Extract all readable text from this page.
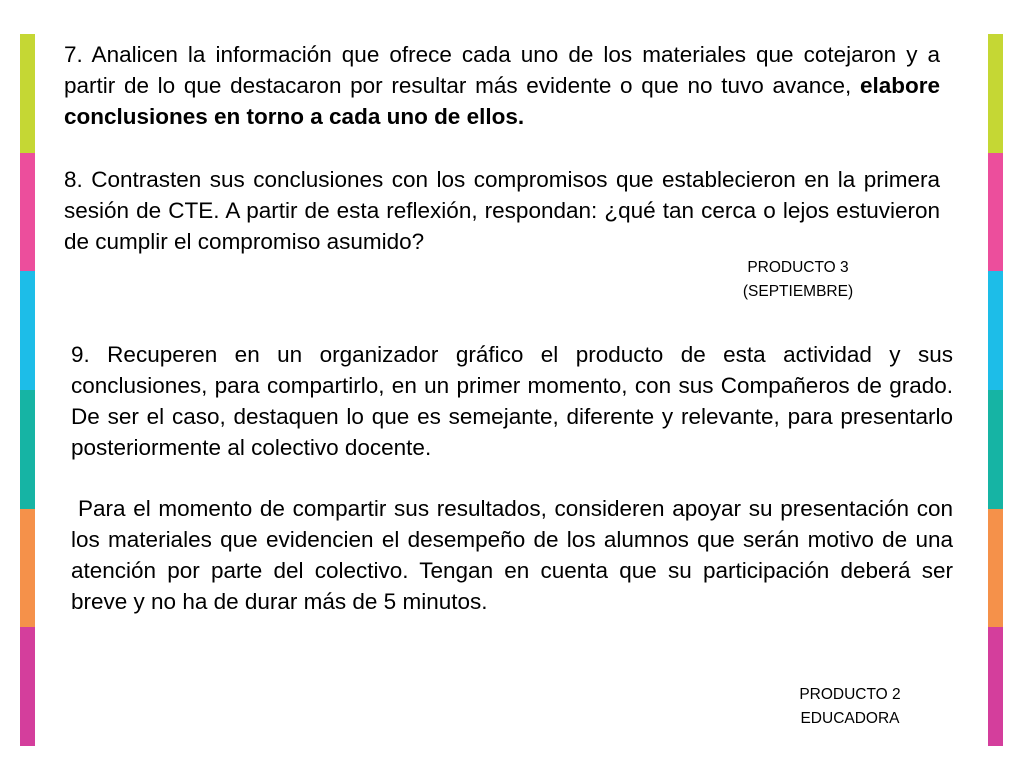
7. Analicen la información que ofrece cada uno de los materiales que cotejaron y a partir de lo que destacaron por resultar más evidente o que no tuvo avance, elabore conclusiones en torno a cada uno de ellos.

8. Contrasten sus conclusiones con los compromisos que establecieron en la primera sesión de CTE. A partir de esta reflexión, respondan: ¿qué tan cerca o lejos estuvieron de cumplir el compromiso asumido?

PRODUCTO 3
(SEPTIEMBRE)

9. Recuperen en un organizador gráfico el producto de esta actividad y sus conclusiones, para compartirlo, en un primer momento, con sus Compañeros de grado. De ser el caso, destaquen lo que es semejante, diferente y relevante, para presentarlo posteriormente al colectivo docente.

Para el momento de compartir sus resultados, consideren apoyar su presentación con los materiales que evidencien el desempeño de los alumnos que serán motivo de una atención por parte del colectivo. Tengan en cuenta que su participación deberá ser breve y no ha de durar más de 5 minutos.

PRODUCTO 2
EDUCADORA
